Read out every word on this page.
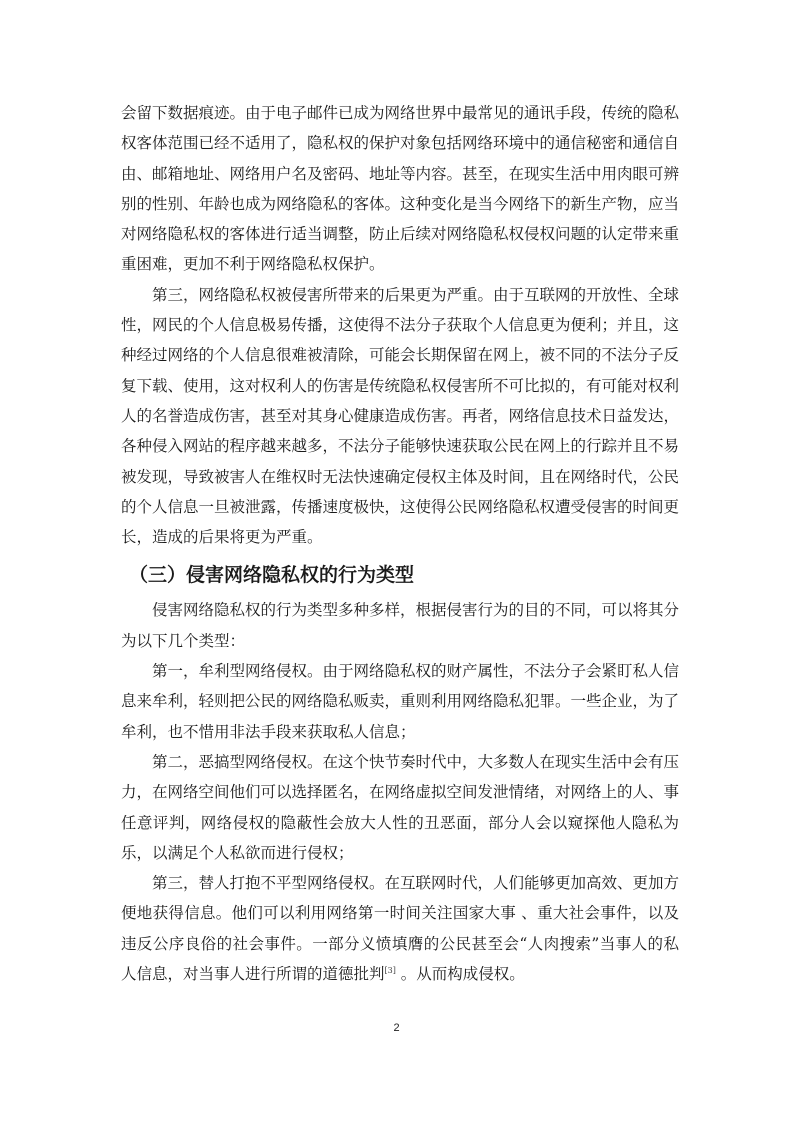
会留下数据痕迹。由于电子邮件已成为网络世界中最常见的通讯手段，传统的隐私权客体范围已经不适用了，隐私权的保护对象包括网络环境中的通信秘密和通信自由、邮箱地址、网络用户名及密码、地址等内容。甚至，在现实生活中用肉眼可辨别的性别、年龄也成为网络隐私的客体。这种变化是当今网络下的新生产物，应当对网络隐私权的客体进行适当调整，防止后续对网络隐私权侵权问题的认定带来重重困难，更加不利于网络隐私权保护。

第三，网络隐私权被侵害所带来的后果更为严重。由于互联网的开放性、全球性，网民的个人信息极易传播，这使得不法分子获取个人信息更为便利；并且，这种经过网络的个人信息很难被清除，可能会长期保留在网上，被不同的不法分子反复下载、使用，这对权利人的伤害是传统隐私权侵害所不可比拟的，有可能对权利人的名誉造成伤害，甚至对其身心健康造成伤害。再者，网络信息技术日益发达，各种侵入网站的程序越来越多，不法分子能够快速获取公民在网上的行踪并且不易被发现，导致被害人在维权时无法快速确定侵权主体及时间，且在网络时代，公民的个人信息一旦被泄露，传播速度极快，这使得公民网络隐私权遭受侵害的时间更长，造成的后果将更为严重。

（三）侵害网络隐私权的行为类型

侵害网络隐私权的行为类型多种多样，根据侵害行为的目的不同，可以将其分为以下几个类型：

第一，牟利型网络侵权。由于网络隐私权的财产属性，不法分子会紧盯私人信息来牟利，轻则把公民的网络隐私贩卖，重则利用网络隐私犯罪。一些企业，为了牟利，也不惜用非法手段来获取私人信息；

第二，恶搞型网络侵权。在这个快节奏时代中，大多数人在现实生活中会有压力，在网络空间他们可以选择匿名，在网络虚拟空间发泄情绪，对网络上的人、事任意评判，网络侵权的隐蔽性会放大人性的丑恶面，部分人会以窥探他人隐私为乐，以满足个人私欲而进行侵权；

第三，替人打抱不平型网络侵权。在互联网时代，人们能够更加高效、更加方便地获得信息。他们可以利用网络第一时间关注国家大事 、重大社会事件，以及违反公序良俗的社会事件。一部分义愤填膺的公民甚至会“人肉搜索”当事人的私人信息，对当事人进行所谓的道德批判[3] 。从而构成侵权。

2
